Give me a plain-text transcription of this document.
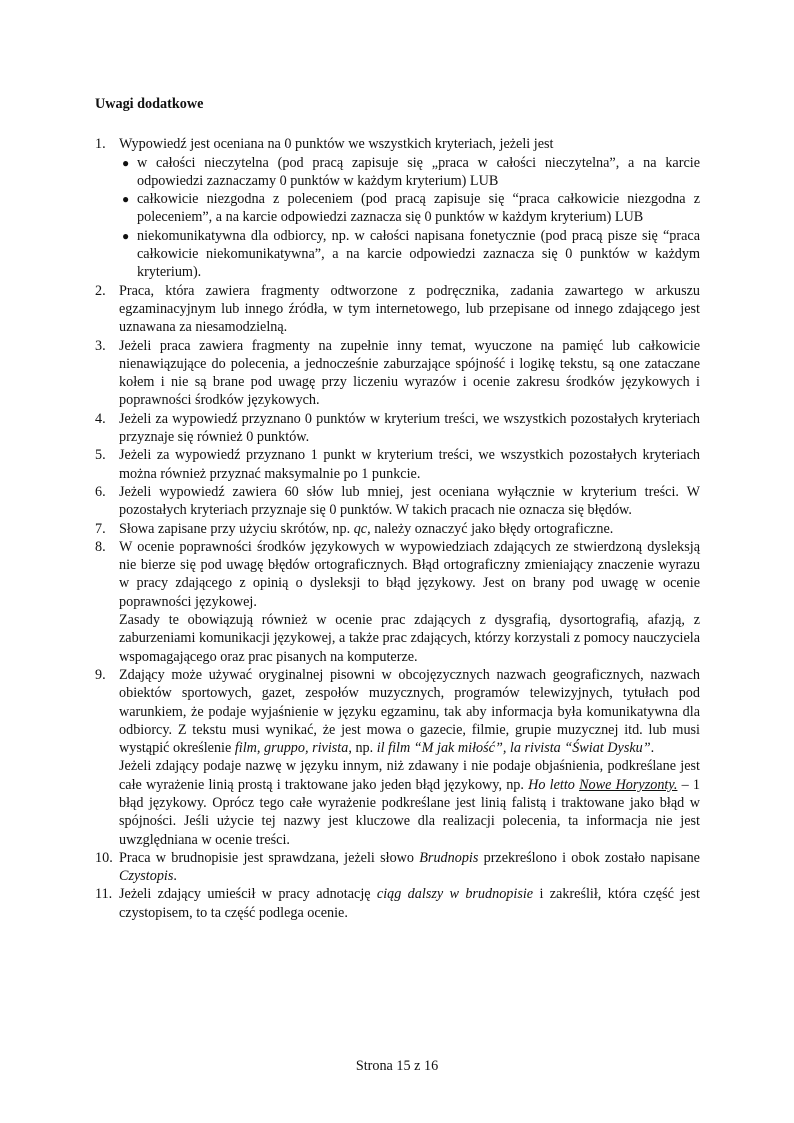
Uwagi dodatkowe
1. Wypowiedź jest oceniana na 0 punktów we wszystkich kryteriach, jeżeli jest
● w całości nieczytelna (pod pracą zapisuje się „praca w całości nieczytelna”, a na karcie odpowiedzi zaznaczamy 0 punktów w każdym kryterium) LUB
● całkowicie niezgodna z poleceniem (pod pracą zapisuje się “praca całkowicie niezgodna z poleceniem”, a na karcie odpowiedzi zaznacza się 0 punktów w każdym kryterium) LUB
● niekomunikatywna dla odbiorcy, np. w całości napisana fonetycznie (pod pracą pisze się “praca całkowicie niekomunikatywna”, a na karcie odpowiedzi zaznacza się 0 punktów w każdym kryterium).
2. Praca, która zawiera fragmenty odtworzone z podręcznika, zadania zawartego w arkuszu egzaminacyjnym lub innego źródła, w tym internetowego, lub przepisane od innego zdającego jest uznawana za niesamodzielną.
3. Jeżeli praca zawiera fragmenty na zupełnie inny temat, wyuczone na pamięć lub całkowicie nienawiązujące do polecenia, a jednocześnie zaburzające spójność i logikę tekstu, są one zataczane kołem i nie są brane pod uwagę przy liczeniu wyrazów i ocenie zakresu środków językowych i poprawności środków językowych.
4. Jeżeli za wypowiedź przyznano 0 punktów w kryterium treści, we wszystkich pozostałych kryteriach przyznaje się również 0 punktów.
5. Jeżeli za wypowiedź przyznano 1 punkt w kryterium treści, we wszystkich pozostałych kryteriach można również przyznać maksymalnie po 1 punkcie.
6. Jeżeli wypowiedź zawiera 60 słów lub mniej, jest oceniana wyłącznie w kryterium treści. W pozostałych kryteriach przyznaje się 0 punktów. W takich pracach nie oznacza się błędów.
7. Słowa zapisane przy użyciu skrótów, np. qc, należy oznaczyć jako błędy ortograficzne.
8. W ocenie poprawności środków językowych w wypowiedziach zdających ze stwierdzoną dysleksją nie bierze się pod uwagę błędów ortograficznych. Błąd ortograficzny zmieniający znaczenie wyrazu w pracy zdającego z opinią o dysleksji to błąd językowy. Jest on brany pod uwagę w ocenie poprawności językowej.
Zasady te obowiązują również w ocenie prac zdających z dysgrafią, dysortografią, afazją, z zaburzeniami komunikacji językowej, a także prac zdających, którzy korzystali z pomocy nauczyciela wspomagającego oraz prac pisanych na komputerze.
9. Zdający może używać oryginalnej pisowni w obcojęzycznych nazwach geograficznych, nazwach obiektów sportowych, gazet, zespołów muzycznych, programów telewizyjnych, tytułach pod warunkiem, że podaje wyjaśnienie w języku egzaminu, tak aby informacja była komunikatywna dla odbiorcy. Z tekstu musi wynikać, że jest mowa o gazecie, filmie, grupie muzycznej itd. lub musi wystąpić określenie film, gruppo, rivista, np. il film “M jak miłość”, la rivista “Świat Dysku”.
Jeżeli zdający podaje nazwę w języku innym, niż zdawany i nie podaje objaśnienia, podkreślane jest całe wyrażenie linią prostą i traktowane jako jeden błąd językowy, np. Ho letto Nowe Horyzonty. – 1 błąd językowy. Oprócz tego całe wyrażenie podkreślane jest linią falistą i traktowane jako błąd w spójności. Jeśli użycie tej nazwy jest kluczowe dla realizacji polecenia, ta informacja nie jest uwzględniana w ocenie treści.
10. Praca w brudnopisie jest sprawdzana, jeżeli słowo Brudnopis przekreślono i obok zostało napisane Czystopis.
11. Jeżeli zdający umieścił w pracy adnotację ciąg dalszy w brudnopisie i zakreślił, która część jest czystopisem, to ta część podlega ocenie.
Strona 15 z 16
